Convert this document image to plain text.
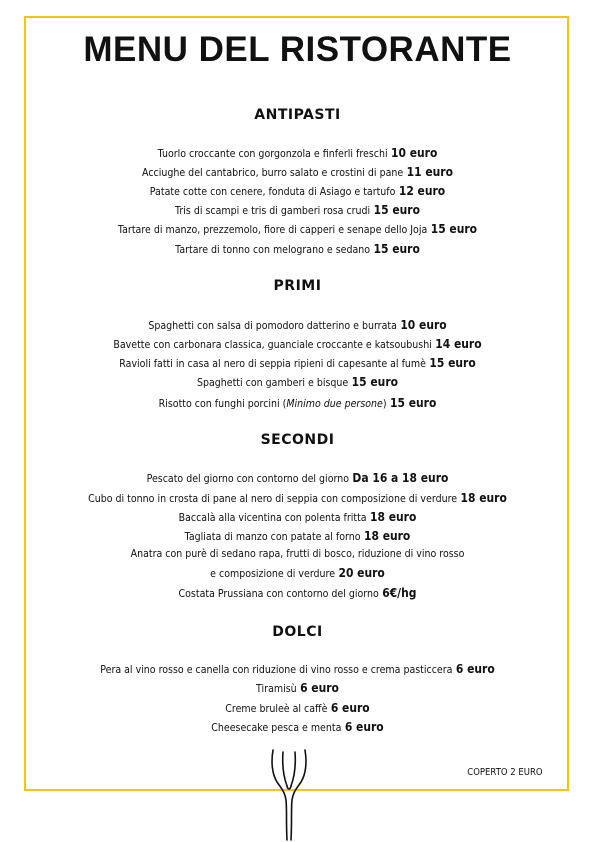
MENU DEL RISTORANTE
ANTIPASTI
Tuorlo croccante con gorgonzola e finferli freschi 10 euro
Acciughe del cantabrico, burro salato e crostini di pane 11 euro
Patate cotte con cenere, fonduta di Asiago e tartufo 12 euro
Tris di scampi e tris di gamberi rosa crudi 15 euro
Tartare di manzo, prezzemolo, fiore di capperi e senape dello Joja 15 euro
Tartare di tonno con melograno e sedano 15 euro
PRIMI
Spaghetti con salsa di pomodoro datterino e burrata 10 euro
Bavette con carbonara classica, guanciale croccante e katsoubushi 14 euro
Ravioli fatti in casa al nero di seppia ripieni di capesante al fumè 15 euro
Spaghetti con gamberi e bisque 15 euro
Risotto con funghi porcini (Minimo due persone) 15 euro
SECONDI
Pescato del giorno con contorno del giorno Da 16 a 18 euro
Cubo di tonno in crosta di pane al nero di seppia con composizione di verdure 18 euro
Baccalà alla vicentina con polenta fritta 18 euro
Tagliata di manzo con patate al forno 18 euro
Anatra con purè di sedano rapa, frutti di bosco, riduzione di vino rosso
e composizione di verdure 20 euro
Costata Prussiana con contorno del giorno 6€/hg
DOLCI
Pera al vino rosso e canella con riduzione di vino rosso e crema pasticcera 6 euro
Tiramisù 6 euro
Creme bruleè al caffè 6 euro
Cheesecake pesca e menta 6 euro
COPERTO 2 EURO
